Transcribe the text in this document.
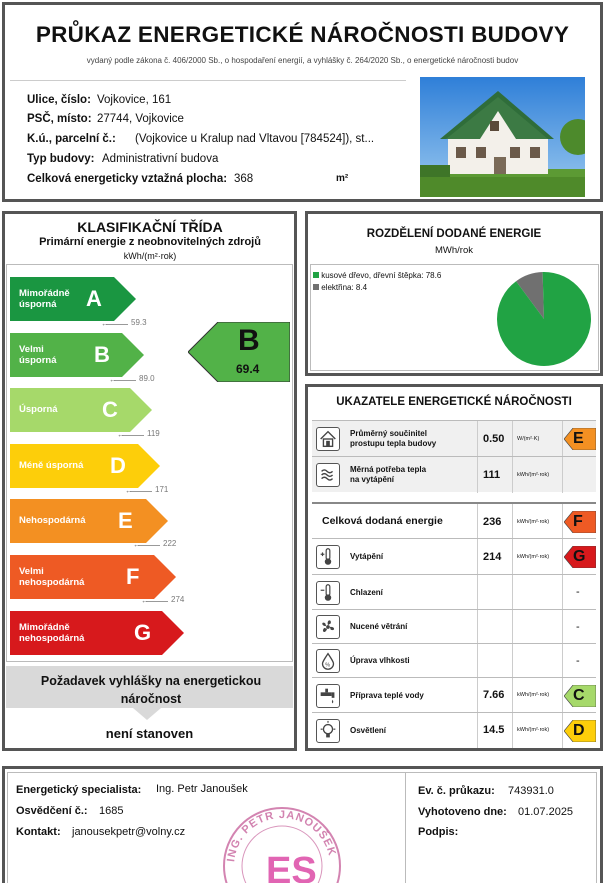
PRŮKAZ ENERGETICKÉ NÁROČNOSTI BUDOVY
vydaný podle zákona č. 406/2000 Sb., o hospodaření energií, a vyhlášky č. 264/2020 Sb., o energetické náročnosti budov
Ulice, číslo: Vojkovice, 161
PSČ, místo: 27744, Vojkovice
K.ú., parcelní č.: (Vojkovice u Kralup nad Vltavou [784524]), st...
Typ budovy: Administrativní budova
Celková energeticky vztažná plocha: 368	m²
KLASIFIKAČNÍ TŘÍDA
Primární energie z neobnovitelných zdrojů
kWh/(m²·rok)
Mimořádně
úsporná	A
Velmi
úsporná B
Úsporná C
Méně úsporná D
Nehospodárná E
Velmi
nehospodárná F
Mimořádně
nehospodárná G
←	59.3
←	89.0
←	119
←	171
←	222
←	274
B
69.4
Požadavek vyhlášky na energetickou náročnost
není stanoven
ROZDĚLENÍ DODANÉ ENERGIE
MWh/rok
kusové dřevo, dřevní štěpka: 78.6
elektřina: 8.4
UKAZATELE ENERGETICKÉ NÁROČNOSTI
Průměrný součinitel
prostupu tepla budovy	0.50 W/(m²·K) E
Měrná potřeba tepla
na vytápění	111	kWh/(m²·rok)
Celková dodaná energie	236	kWh/(m²·rok) F
Vytápění	214	kWh/(m²·rok) G
Chlazení	-
Nucené větrání	-
%
Úprava vlhkosti	-
Příprava teplé vody	7.66 kWh/(m²·rok) C
Osvětlení	14.5 kWh/(m²·rok) D
Energetický specialista: Ing. Petr Janoušek
Osvědčení č.: 1685
Kontakt: janousekpetr@volny.cz
Ev. č. průkazu: 743931.0
Vyhotoveno dne: 01.07.2025
Podpis:
ING. PETR JANOUŠEK
ES
